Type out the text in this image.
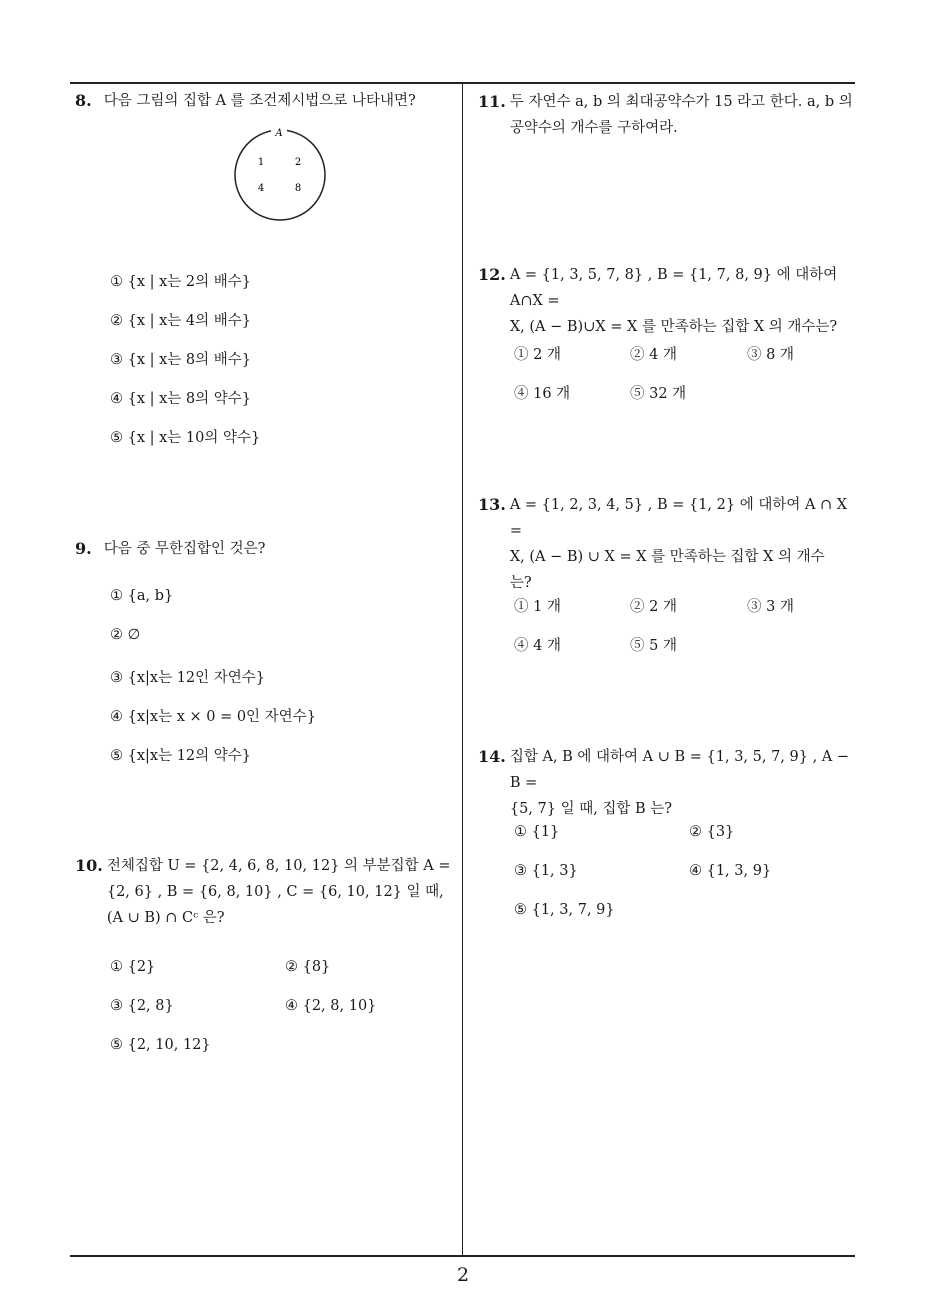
8. 다음 그림의 집합 A 를 조건제시법으로 나타내면?
A
1	2
4	8
① {x | x는 2의 배수}
② {x | x는 4의 배수}
③ {x | x는 8의 배수}
④ {x | x는 8의 약수}
⑤ {x | x는 10의 약수}
9. 다음 중 무한집합인 것은?
① {a, b}
② ∅
③ {x|x는 12인 자연수}
④ {x|x는 x × 0 = 0인 자연수}
⑤ {x|x는 12의 약수}
10. 전체집합 U = {2, 4, 6, 8, 10, 12} 의 부분집합 A =
{2, 6} , B = {6, 8, 10} , C = {6, 10, 12} 일 때,
(A ∪ B) ∩ Cᶜ 은?
① {2}	② {8}
③ {2, 8}	④ {2, 8, 10}
⑤ {2, 10, 12}
11. 두 자연수 a, b 의 최대공약수가 15 라고 한다. a, b 의
공약수의 개수를 구하여라.
12. A = {1, 3, 5, 7, 8} , B = {1, 7, 8, 9} 에 대하여 A∩X =
X, (A − B)∪X = X 를 만족하는 집합 X 의 개수는?
① 2 개	② 4 개	③ 8 개
④ 16 개	⑤ 32 개
13. A = {1, 2, 3, 4, 5} , B = {1, 2} 에 대하여 A ∩ X =
X, (A − B) ∪ X = X 를 만족하는 집합 X 의 개수
는?
① 1 개	② 2 개	③ 3 개
④ 4 개	⑤ 5 개
14. 집합 A, B 에 대하여 A ∪ B = {1, 3, 5, 7, 9} , A − B =
{5, 7} 일 때, 집합 B 는?
① {1}	② {3}
③ {1, 3}	④ {1, 3, 9}
⑤ {1, 3, 7, 9}
2
